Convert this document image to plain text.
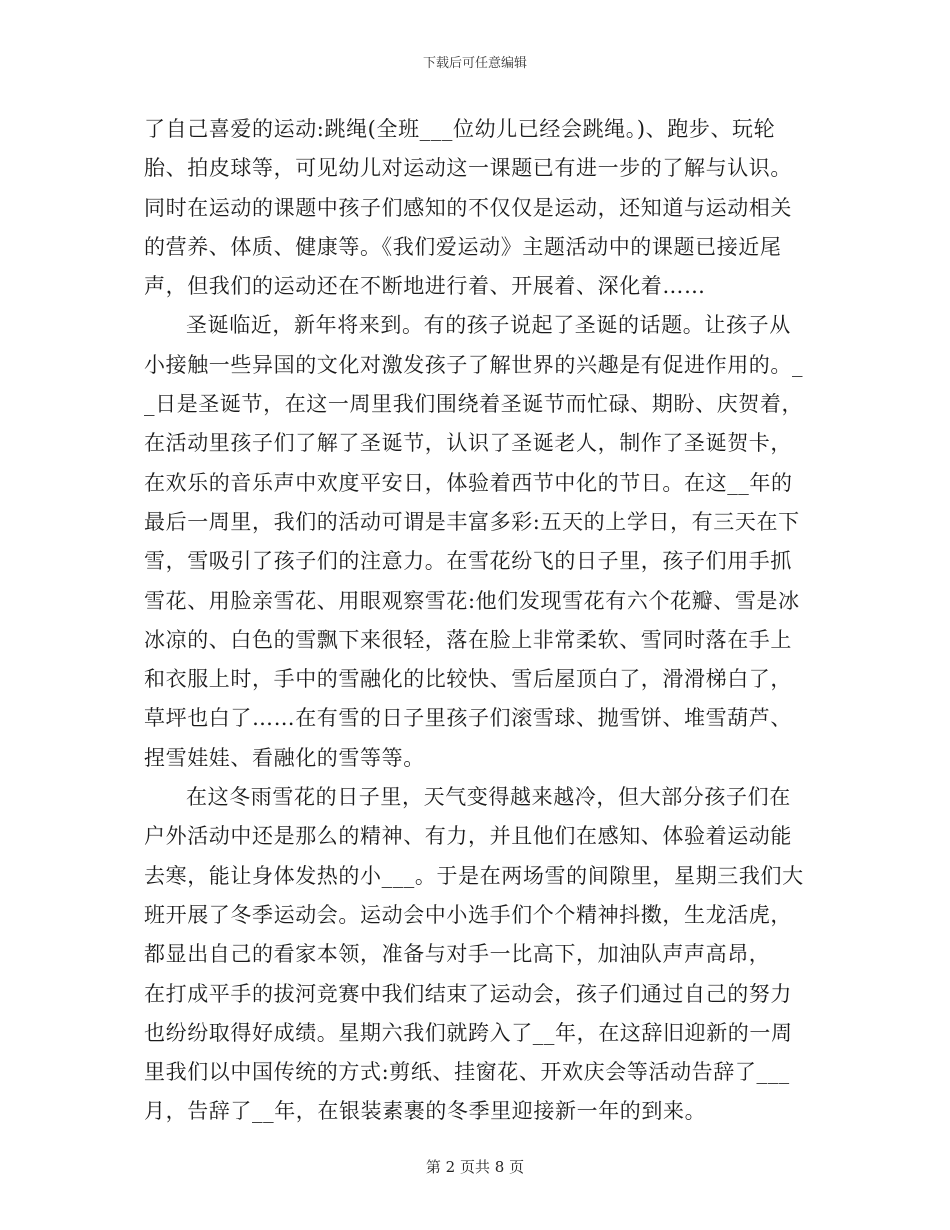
下载后可任意编辑
了自己喜爱的运动:跳绳(全班___位幼儿已经会跳绳。)、跑步、玩轮
胎、拍皮球等，可见幼儿对运动这一课题已有进一步的了解与认识。
同时在运动的课题中孩子们感知的不仅仅是运动，还知道与运动相关
的营养、体质、健康等。《我们爱运动》主题活动中的课题已接近尾
声，但我们的运动还在不断地进行着、开展着、深化着……
圣诞临近，新年将来到。有的孩子说起了圣诞的话题。让孩子从
小接触一些异国的文化对激发孩子了解世界的兴趣是有促进作用的。_
_日是圣诞节，在这一周里我们围绕着圣诞节而忙碌、期盼、庆贺着，
在活动里孩子们了解了圣诞节，认识了圣诞老人，制作了圣诞贺卡，
在欢乐的音乐声中欢度平安日，体验着西节中化的节日。在这__年的
最后一周里，我们的活动可谓是丰富多彩:五天的上学日，有三天在下
雪，雪吸引了孩子们的注意力。在雪花纷飞的日子里，孩子们用手抓
雪花、用脸亲雪花、用眼观察雪花:他们发现雪花有六个花瓣、雪是冰
冰凉的、白色的雪飘下来很轻，落在脸上非常柔软、雪同时落在手上
和衣服上时，手中的雪融化的比较快、雪后屋顶白了，滑滑梯白了，
草坪也白了……在有雪的日子里孩子们滚雪球、抛雪饼、堆雪葫芦、
捏雪娃娃、看融化的雪等等。
在这冬雨雪花的日子里，天气变得越来越冷，但大部分孩子们在
户外活动中还是那么的精神、有力，并且他们在感知、体验着运动能
去寒，能让身体发热的小___。于是在两场雪的间隙里，星期三我们大
班开展了冬季运动会。运动会中小选手们个个精神抖擞，生龙活虎，
都显出自己的看家本领，准备与对手一比高下，加油队声声高昂，
在打成平手的拔河竞赛中我们结束了运动会，孩子们通过自己的努力
也纷纷取得好成绩。星期六我们就跨入了__年，在这辞旧迎新的一周
里我们以中国传统的方式:剪纸、挂窗花、开欢庆会等活动告辞了___
月，告辞了__年，在银装素裹的冬季里迎接新一年的到来。
第 2 页共 8 页
